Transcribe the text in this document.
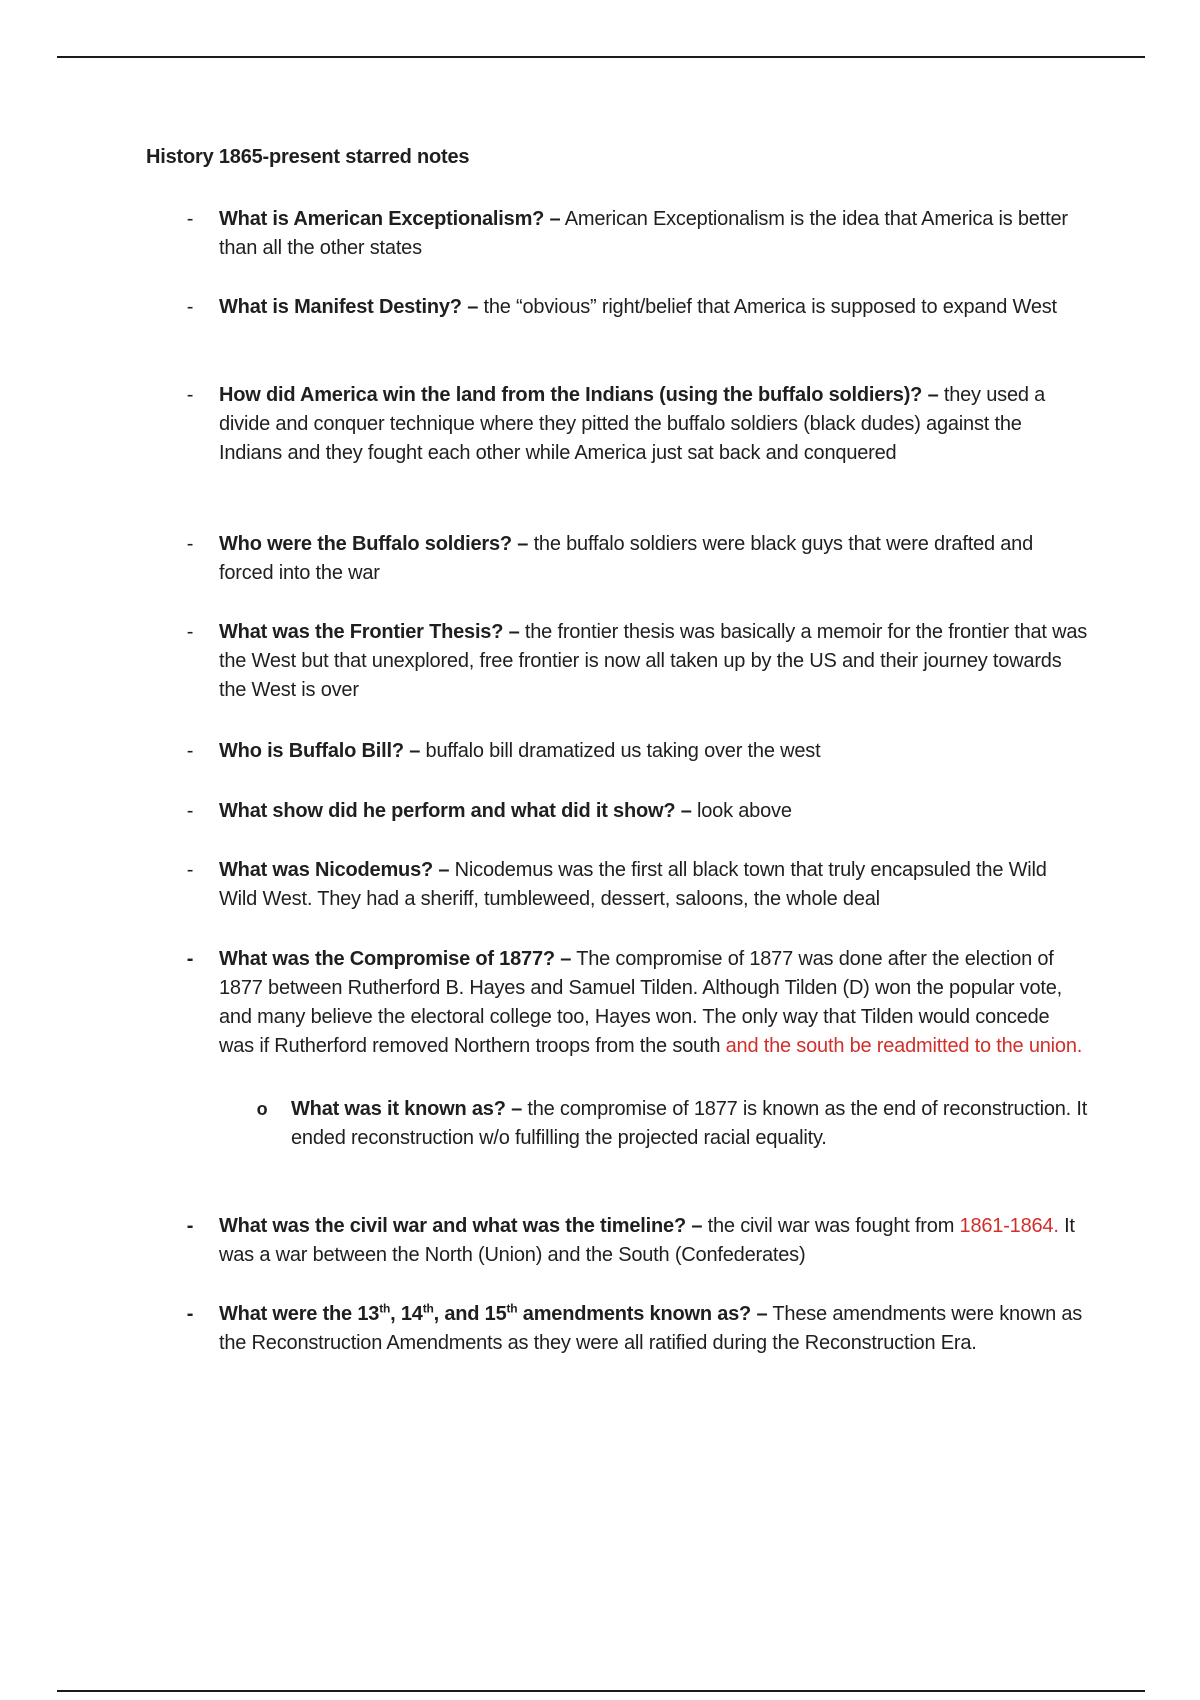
History 1865-present starred notes
- What is American Exceptionalism? – American Exceptionalism is the idea that America is better than all the other states
- What is Manifest Destiny? – the “obvious” right/belief that America is supposed to expand West
- How did America win the land from the Indians (using the buffalo soldiers)? – they used a divide and conquer technique where they pitted the buffalo soldiers (black dudes) against the Indians and they fought each other while America just sat back and conquered
- Who were the Buffalo soldiers? – the buffalo soldiers were black guys that were drafted and forced into the war
- What was the Frontier Thesis? – the frontier thesis was basically a memoir for the frontier that was the West but that unexplored, free frontier is now all taken up by the US and their journey towards the West is over
- Who is Buffalo Bill? – buffalo bill dramatized us taking over the west
- What show did he perform and what did it show? – look above
- What was Nicodemus? – Nicodemus was the first all black town that truly encapsuled the Wild Wild West. They had a sheriff, tumbleweed, dessert, saloons, the whole deal
- What was the Compromise of 1877? – The compromise of 1877 was done after the election of 1877 between Rutherford B. Hayes and Samuel Tilden. Although Tilden (D) won the popular vote, and many believe the electoral college too, Hayes won. The only way that Tilden would concede was if Rutherford removed Northern troops from the south and the south be readmitted to the union.
o What was it known as? – the compromise of 1877 is known as the end of reconstruction. It ended reconstruction w/o fulfilling the projected racial equality.
- What was the civil war and what was the timeline? – the civil war was fought from 1861-1864. It was a war between the North (Union) and the South (Confederates)
- What were the 13th, 14th, and 15th amendments known as? – These amendments were known as the Reconstruction Amendments as they were all ratified during the Reconstruction Era.
